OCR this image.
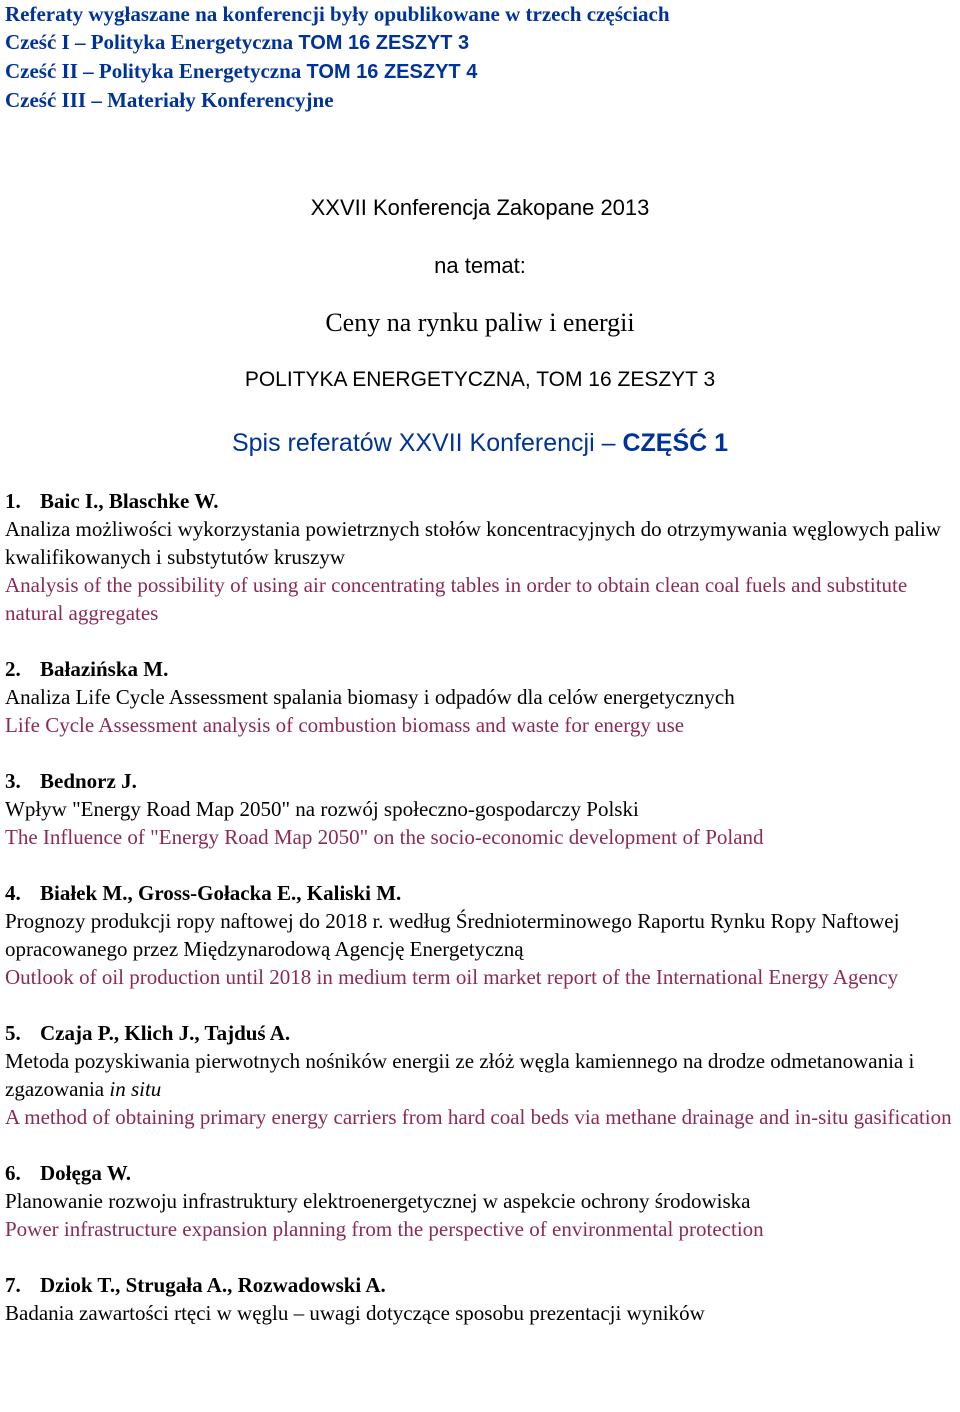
Referaty wygłaszane na konferencji były opublikowane w trzech częściach
Cześć I – Polityka Energetyczna TOM 16 ZESZYT 3
Cześć II – Polityka Energetyczna TOM 16 ZESZYT 4
Cześć III – Materiały Konferencyjne
XXVII Konferencja Zakopane 2013
na temat:
Ceny na rynku paliw i energii
POLITYKA ENERGETYCZNA, TOM 16 ZESZYT 3
Spis referatów XXVII Konferencji – CZĘŚĆ 1
1. Baic I., Blaschke W.
Analiza możliwości wykorzystania powietrznych stołów koncentracyjnych do otrzymywania węglowych paliw kwalifikowanych i substytutów kruszyw
Analysis of the possibility of using air concentrating tables in order to obtain clean coal fuels and substitute natural aggregates
2. Bałazińska M.
Analiza Life Cycle Assessment spalania biomasy i odpadów dla celów energetycznych
Life Cycle Assessment analysis of combustion biomass and waste for energy use
3. Bednorz J.
Wpływ "Energy Road Map 2050" na rozwój społeczno-gospodarczy Polski
The Influence of "Energy Road Map 2050" on the socio-economic development of Poland
4. Białek M., Gross-Gołacka E., Kaliski M.
Prognozy produkcji ropy naftowej do 2018 r. według Średnioterminowego Raportu Rynku Ropy Naftowej opracowanego przez Międzynarodową Agencję Energetyczną
Outlook of oil production until 2018 in medium term oil market report of the International Energy Agency
5. Czaja P., Klich J., Tajduś A.
Metoda pozyskiwania pierwotnych nośników energii ze złóż węgla kamiennego na drodze odmetanowania i zgazowania in situ
A method of obtaining primary energy carriers from hard coal beds via methane drainage and in-situ gasification
6. Dołęga W.
Planowanie rozwoju infrastruktury elektroenergetycznej w aspekcie ochrony środowiska
Power infrastructure expansion planning from the perspective of environmental protection
7. Dziok T., Strugała A., Rozwadowski A.
Badania zawartości rtęci w węglu – uwagi dotyczące sposobu prezentacji wyników
